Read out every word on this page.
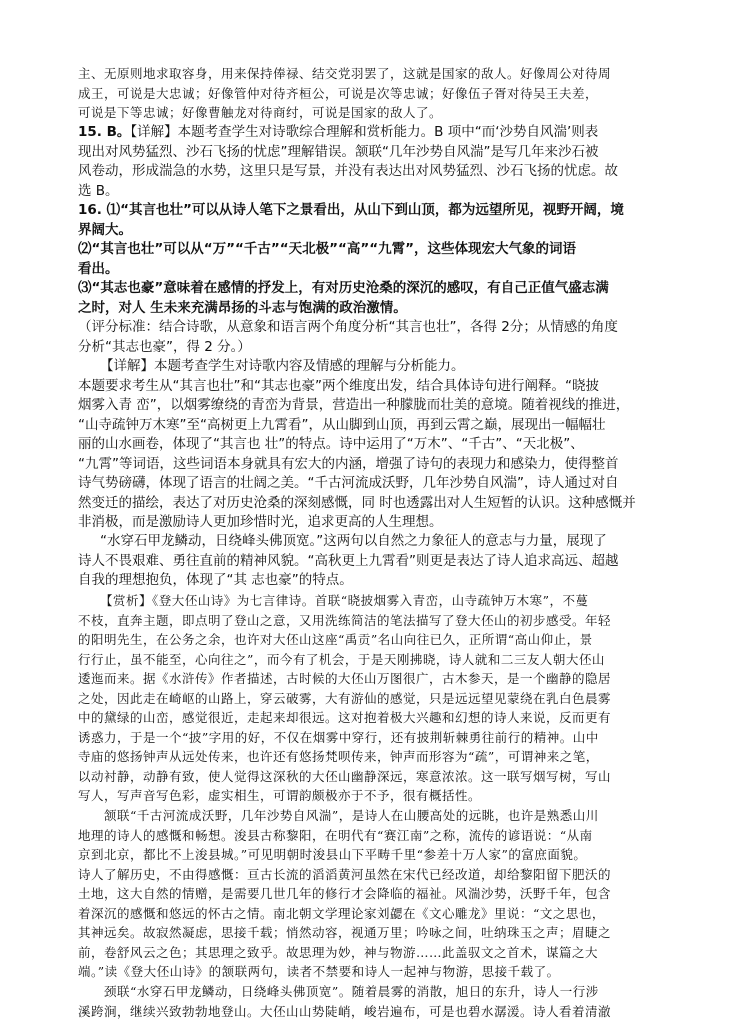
主、无原则地求取容身，用来保持俸禄、结交党羽罢了，这就是国家的敌人。好像周公对待周

成王，可说是大忠诚；好像管仲对待齐桓公，可说是次等忠诚；好像伍子胥对待吴王夫差，

可说是下等忠诚；好像曹触龙对待商纣，可说是国家的敌人了。

15. B。【详解】本题考查学生对诗歌综合理解和赏析能力。B 项中“而‘沙势自风湍’则表

现出对风势猛烈、沙石飞扬的忧虑”理解错误。颔联“几年沙势自风湍”是写几年来沙石被

风卷动，形成湍急的水势，这里只是写景，并没有表达出对风势猛烈、沙石飞扬的忧虑。故

选 B。

16. ⑴“其言也壮”可以从诗人笔下之景看出，从山下到山顶，都为远望所见，视野开阔，境

界阔大。

⑵“其言也壮”可以从“万”“千古”“天北极”“高”“九霄”，这些体现宏大气象的词语

看出。

⑶“其志也豪”意味着在感情的抒发上，有对历史沧桑的深沉的感叹，有自己正值气盛志满

之时，对人 生未来充满昂扬的斗志与饱满的政治激情。

（评分标准：结合诗歌，从意象和语言两个角度分析“其言也壮”，各得 2分；从情感的角度

分析“其志也豪”，得 2 分。）

【详解】本题考查学生对诗歌内容及情感的理解与分析能力。

本题要求考生从“其言也壮”和“其志也豪”两个维度出发，结合具体诗句进行阐释。“晓披

烟雾入青 峦”，以烟雾缭绕的青峦为背景，营造出一种朦胧而壮美的意境。随着视线的推进，

“山寺疏钟万木寒”至“高树更上九霄看”，从山脚到山顶，再到云霄之巅，展现出一幅幅壮

丽的山水画卷，体现了“其言也 壮”的特点。诗中运用了“万木”、“千古”、“天北极”、

“九霄”等词语，这些词语本身就具有宏大的内涵，增强了诗句的表现力和感染力，使得整首

诗气势磅礴，体现了语言的壮阔之美。“千古河流成沃野，几年沙势自风湍”，诗人通过对自

然变迁的描绘，表达了对历史沧桑的深刻感慨，同 时也透露出对人生短暂的认识。这种感慨并

非消极，而是激励诗人更加珍惜时光，追求更高的人生理想。

“水穿石甲龙鳞动，日绕峰头佛顶宽。”这两句以自然之力象征人的意志与力量，展现了

诗人不畏艰难、勇往直前的精神风貌。“高秋更上九霄看”则更是表达了诗人追求高远、超越

自我的理想抱负，体现了“其 志也豪”的特点。

【赏析】《登大伾山诗》为七言律诗。首联“晓披烟雾入青峦，山寺疏钟万木寒”，不蔓

不枝，直奔主题，即点明了登山之意，又用洗练简洁的笔法描写了登大伾山的初步感受。年轻

的阳明先生，在公务之余，也许对大伾山这座“禹贡”名山向往已久，正所谓“高山仰止，景

行行止，虽不能至，心向往之”，而今有了机会，于是天刚拂晓，诗人就和二三友人朝大伾山

逶迤而来。据《水浒传》作者描述，古时候的大伾山万图很广，古木参天，是一个幽静的隐居

之处，因此走在崎岖的山路上，穿云破雾，大有游仙的感觉，只是远远望见蒙绕在乳白色晨雾

中的黛绿的山峦，感觉很近，走起来却很远。这对抱着极大兴趣和幻想的诗人来说，反而更有

诱惑力，于是一个“披”字用的好，不仅在烟雾中穿行，还有披荆斩棘勇往前行的精神。山中

寺庙的悠扬钟声从远处传来，也许还有悠扬梵呗传来，钟声而形容为“疏”，可谓神来之笔，

以动衬静，动静有致，使人觉得这深秋的大伾山幽静深远，寒意浓浓。这一联写烟写树，写山

写人，写声音写色彩，虚实相生，可谓韵颇极亦于不予，很有概括性。

颔联“千古河流成沃野，几年沙势自风湍”，是诗人在山腰高处的远眺，也许是熟悉山川

地理的诗人的感慨和畅想。浚县古称黎阳，在明代有“赛江南”之称，流传的谚语说：“从南

京到北京，都比不上浚县城。”可见明朝时浚县山下平畴千里“参差十万人家”的富庶面貌。

诗人了解历史，不由得感慨：亘古长流的滔滔黄河虽然在宋代已经改道，却给黎阳留下肥沃的

土地，这大自然的情赠，是需要几世几年的修行才会降临的福祉。风湍沙势，沃野千年，包含

着深沉的感慨和悠远的怀古之情。南北朝文学理论家刘勰在《文心雕龙》里说：“文之思也，

其神远矣。故寂然凝虑，思接千载；悄然动容，视通万里；吟咏之间，吐纳珠玉之声；眉睫之

前，卷舒风云之色；其思理之致乎。故思理为妙，神与物游……此盖驭文之首术，谋篇之大

端。”读《登大伾山诗》的颔联两句，读者不禁要和诗人一起神与物游，思接千载了。

颈联“水穿石甲龙鳞动，日绕峰头佛顶宽”。随着晨雾的消散，旭日的东升，诗人一行涉

溪跨涧，继续兴致勃勃地登山。大伾山山势陡峭，峻岩遍布，可是也碧水潺湲。诗人看着清澈
